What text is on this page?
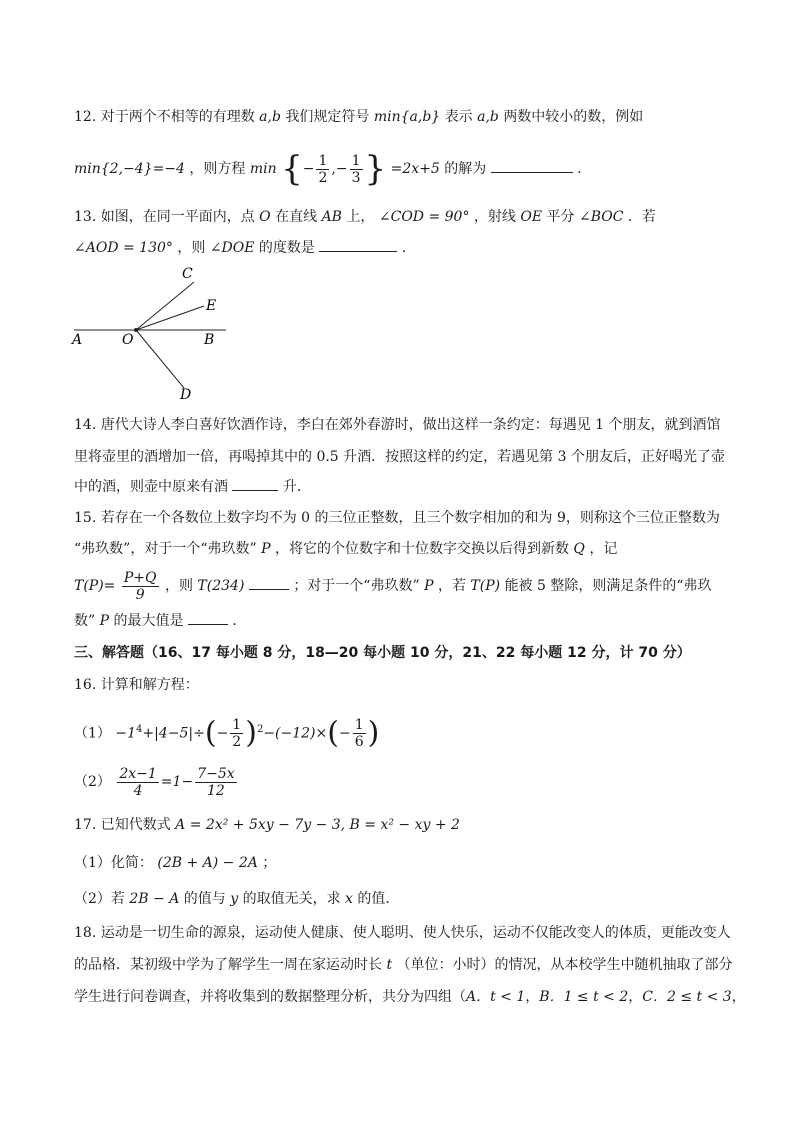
12. 对于两个不相等的有理数 a,b 我们规定符号 min{a,b} 表示 a,b 两数中较小的数，例如
min{2,−4}=−4 ，则方程 min {− $\frac{1}{2}$ ,− $\frac{1}{3}$ } =2x+5 的解为	.
13. 如图，在同一平面内，点 O 在直线 AB 上， ∠COD = 90° ，射线 OE 平分 ∠BOC ．若
∠AOD = 130° ，则 ∠DOE 的度数是	．
A	O	B
C
E
D
14. 唐代大诗人李白喜好饮酒作诗，李白在郊外春游时，做出这样一条约定：每遇见 1 个朋友，就到酒馆
里将壶里的酒增加一倍，再喝掉其中的 0.5 升酒．按照这样的约定，若遇见第 3 个朋友后，正好喝光了壶
中的酒，则壶中原来有酒	升．
15. 若存在一个各数位上数字均不为 0 的三位正整数，且三个数字相加的和为 9，则称这个三位正整数为
“弗玖数”，对于一个“弗玖数” P ，将它的个位数字和十位数字交换以后得到新数 Q ，记
$T(P)= \frac{P+Q}{9}$ ，则 T(234)	；对于一个“弗玖数” P ，若 T(P) 能被 5 整除，则满足条件的“弗玖
数” P 的最大值是	．
三、解答题（16、17 每小题 8 分，18—20 每小题 10 分，21、22 每小题 12 分，计 70 分）
16. 计算和解方程：
$(1) -1^4+|4-5|\div(- \frac{1}{2} )^2-(-12)\times(- \frac{1}{6}$ )
$(2) \frac{2x-1}{4} =1- \frac{7-5x}{12}$
17. 已知代数式 A = 2x² + 5xy − 7y − 3, B = x² − xy + 2
（1）化简： (2B + A) − 2A ；
（2）若 2B − A 的值与 y 的取值无关，求 x 的值．
18. 运动是一切生命的源泉，运动使人健康、使人聪明、使人快乐，运动不仅能改变人的体质，更能改变人
的品格．某初级中学为了解学生一周在家运动时长 t （单位：小时）的情况，从本校学生中随机抽取了部分
学生进行问卷调查，并将收集到的数据整理分析，共分为四组（A．t < 1，B．1 ≤ t < 2，C．2 ≤ t < 3，
